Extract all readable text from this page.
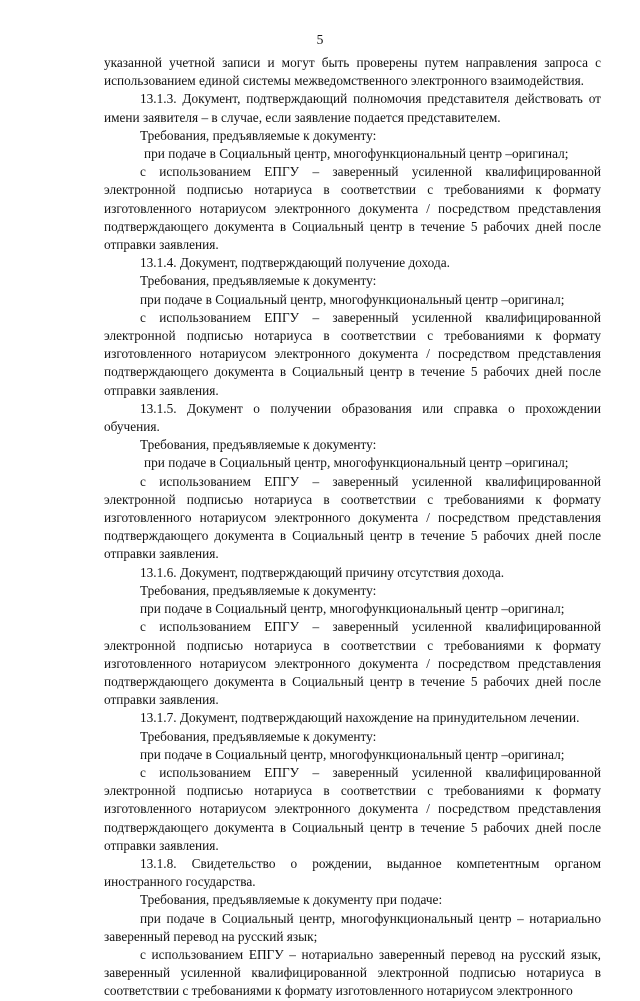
5

указанной учетной записи и могут быть проверены путем направления запроса с использованием единой системы межведомственного электронного взаимодействия.

13.1.3. Документ, подтверждающий полномочия представителя действовать от имени заявителя – в случае, если заявление подается представителем.

Требования, предъявляемые к документу:

при подаче в Социальный центр, многофункциональный центр –оригинал;

с использованием ЕПГУ – заверенный усиленной квалифицированной электронной подписью нотариуса в соответствии с требованиями к формату изготовленного нотариусом электронного документа / посредством представления подтверждающего документа в Социальный центр в течение 5 рабочих дней после отправки заявления.

13.1.4. Документ, подтверждающий получение дохода.

Требования, предъявляемые к документу:

при подаче в Социальный центр, многофункциональный центр –оригинал;

с использованием ЕПГУ – заверенный усиленной квалифицированной электронной подписью нотариуса в соответствии с требованиями к формату изготовленного нотариусом электронного документа / посредством представления подтверждающего документа в Социальный центр в течение 5 рабочих дней после отправки заявления.

13.1.5. Документ о получении образования или справка о прохождении обучения.

Требования, предъявляемые к документу:

при подаче в Социальный центр, многофункциональный центр –оригинал;

с использованием ЕПГУ – заверенный усиленной квалифицированной электронной подписью нотариуса в соответствии с требованиями к формату изготовленного нотариусом электронного документа / посредством представления подтверждающего документа в Социальный центр в течение 5 рабочих дней после отправки заявления.

13.1.6. Документ, подтверждающий причину отсутствия дохода.

Требования, предъявляемые к документу:

при подаче в Социальный центр, многофункциональный центр –оригинал;

с использованием ЕПГУ – заверенный усиленной квалифицированной электронной подписью нотариуса в соответствии с требованиями к формату изготовленного нотариусом электронного документа / посредством представления подтверждающего документа в Социальный центр в течение 5 рабочих дней после отправки заявления.

13.1.7. Документ, подтверждающий нахождение на принудительном лечении.

Требования, предъявляемые к документу:

при подаче в Социальный центр, многофункциональный центр –оригинал;

с использованием ЕПГУ – заверенный усиленной квалифицированной электронной подписью нотариуса в соответствии с требованиями к формату изготовленного нотариусом электронного документа / посредством представления подтверждающего документа в Социальный центр в течение 5 рабочих дней после отправки заявления.

13.1.8. Свидетельство о рождении, выданное компетентным органом иностранного государства.

Требования, предъявляемые к документу при подаче:

при подаче в Социальный центр, многофункциональный центр – нотариально заверенный перевод на русский язык;

с использованием ЕПГУ – нотариально заверенный перевод на русский язык, заверенный усиленной квалифицированной электронной подписью нотариуса в соответствии с требованиями к формату изготовленного нотариусом электронного
